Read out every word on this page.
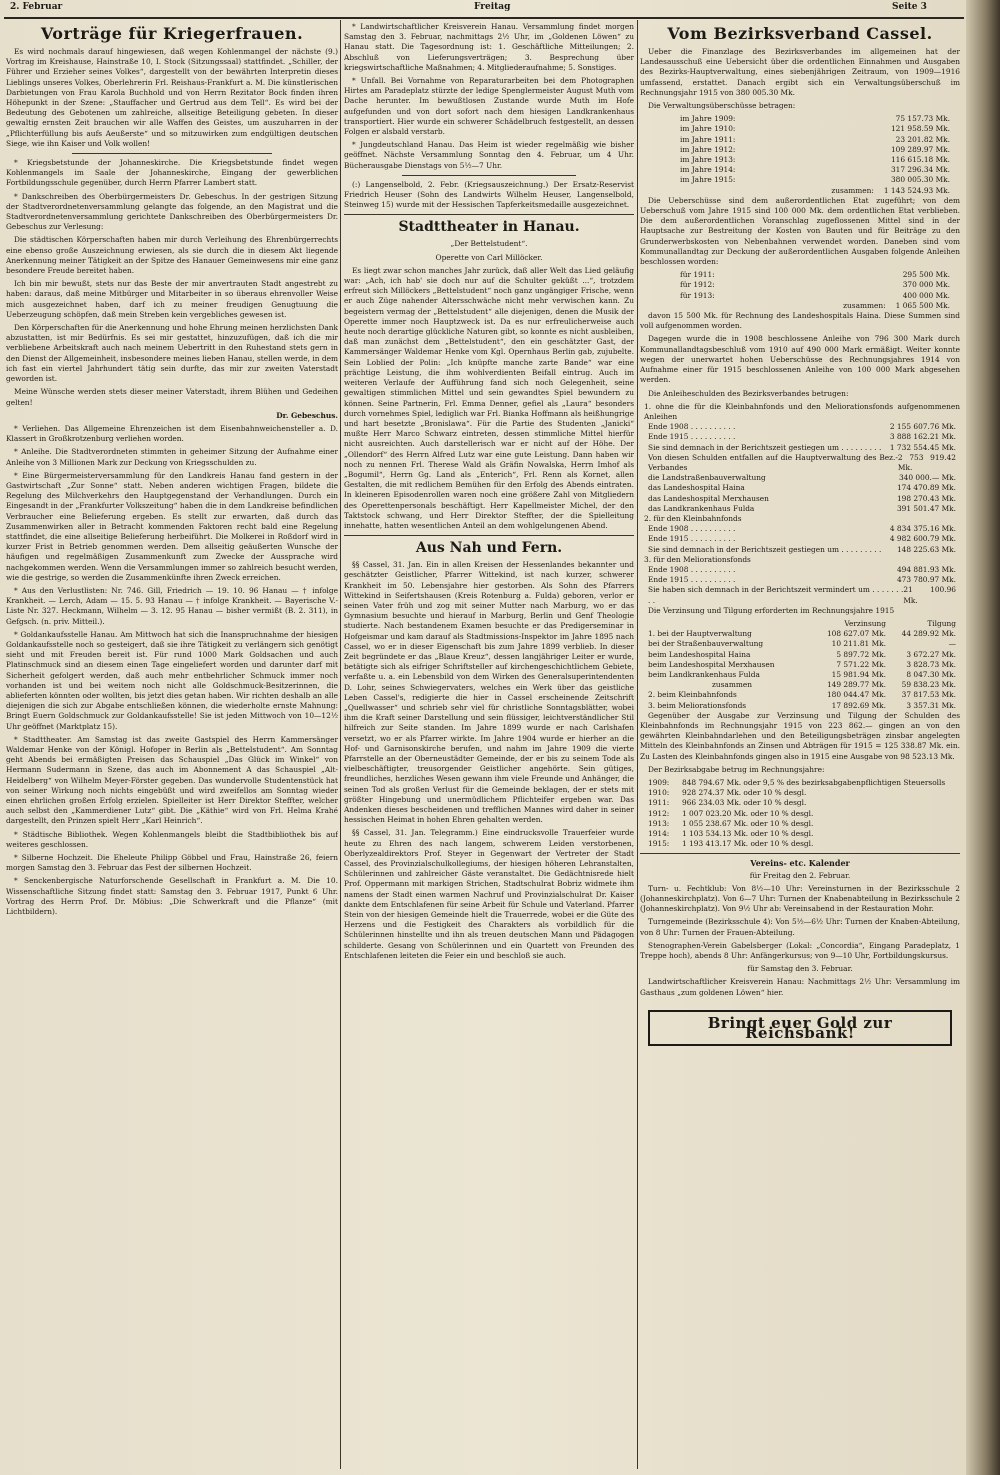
2. Februar	Freitag	Seite 3
Vorträge für Kriegerfrauen.

Es wird nochmals darauf hingewiesen, daß wegen Kohlenmangel der nächste (9.) Vortrag im Kreishause, Hainstraße 10, I. Stock (Sitzungssaal) stattfindet. „Schiller, der Führer und Erzieher seines Volkes“, dargestellt von der bewährten Interpretin dieses Lieblings unseres Volkes, Oberlehrerin Frl. Reishaus-Frankfurt a. M. Die künstlerischen Darbietungen von Frau Karola Buchhold und von Herrn Rezitator Bock finden ihren Höhepunkt in der Szene: „Stauffacher und Gertrud aus dem Tell“. Es wird bei der Bedeutung des Gebotenen um zahlreiche, allseitige Beteiligung gebeten. In dieser gewaltig ernsten Zeit brauchen wir alle Waffen des Geistes, um auszuharren in der „Pflichterfüllung bis aufs Aeußerste“ und so mitzuwirken zum endgültigen deutschen Siege, wie ihn Kaiser und Volk wollen!

* Kriegsbetstunde der Johanneskirche. Die Kriegsbetstunde findet wegen Kohlenmangels im Saale der Johanneskirche, Eingang der gewerblichen Fortbildungsschule gegenüber, durch Herrn Pfarrer Lambert statt.

* Dankschreiben des Oberbürgermeisters Dr. Gebeschus. In der gestrigen Sitzung der Stadtverordnetenversammlung gelangte das folgende, an den Magistrat und die Stadtverordnetenversammlung gerichtete Dankschreiben des Oberbürgermeisters Dr. Gebeschus zur Verlesung:

Die städtischen Körperschaften haben mir durch Verleihung des Ehrenbürgerrechts eine ebenso große Auszeichnung erwiesen, als sie durch die in diesem Akt liegende Anerkennung meiner Tätigkeit an der Spitze des Hanauer Gemeinwesens mir eine ganz besondere Freude bereitet haben.

Ich bin mir bewußt, stets nur das Beste der mir anvertrauten Stadt angestrebt zu haben: daraus, daß meine Mitbürger und Mitarbeiter in so überaus ehrenvoller Weise mich ausgezeichnet haben, darf ich zu meiner freudigen Genugtuung die Ueberzeugung schöpfen, daß mein Streben kein vergebliches gewesen ist.

Den Körperschaften für die Anerkennung und hohe Ehrung meinen herzlichsten Dank abzustatten, ist mir Bedürfnis. Es sei mir gestattet, hinzuzufügen, daß ich die mir verbliebene Arbeitskraft auch nach meinem Uebertritt in den Ruhestand stets gern in den Dienst der Allgemeinheit, insbesondere meines lieben Hanau, stellen werde, in dem ich fast ein viertel Jahrhundert tätig sein durfte, das mir zur zweiten Vaterstadt geworden ist.

Meine Wünsche werden stets dieser meiner Vaterstadt, ihrem Blühen und Gedeihen gelten!

Dr. Gebeschus.

* Verliehen. Das Allgemeine Ehrenzeichen ist dem Eisenbahnweichensteller a. D. Klassert in Großkrotzenburg verliehen worden.

* Anleihe. Die Stadtverordneten stimmten in geheimer Sitzung der Aufnahme einer Anleihe von 3 Millionen Mark zur Deckung von Kriegsschulden zu.

* Eine Bürgermeisterversammlung für den Landkreis Hanau fand gestern in der Gastwirtschaft „Zur Sonne“ statt. Neben anderen wichtigen Fragen, bildete die Regelung des Milchverkehrs den Hauptgegenstand der Verhandlungen. Durch ein Eingesandt in der „Frankfurter Volkszeitung“ haben die in dem Landkreise befindlichen Verbraucher eine Belieferung ergeben. Es stellt zur erwarten, daß durch das Zusammenwirken aller in Betracht kommenden Faktoren recht bald eine Regelung stattfindet, die eine allseitige Belieferung herbeiführt. Die Molkerei in Roßdorf wird in kurzer Frist in Betrieb genommen werden. Dem allseitig geäußerten Wunsche der häufigen und regelmäßigen Zusammenkunft zum Zwecke der Aussprache wird nachgekommen werden. Wenn die Versammlungen immer so zahlreich besucht werden, wie die gestrige, so werden die Zusammenkünfte ihren Zweck erreichen.

* Aus den Verlustlisten: Nr. 746. Gill, Friedrich — 19. 10. 96 Hanau — † infolge Krankheit. — Lerch, Adam — 15. 5. 93 Hanau — † infolge Krankheit. — Bayerische V.-Liste Nr. 327. Heckmann, Wilhelm — 3. 12. 95 Hanau — bisher vermißt (B. 2. 311), in Gefgsch. (n. priv. Mitteil.).

* Goldankaufsstelle Hanau. Am Mittwoch hat sich die Inanspruchnahme der hiesigen Goldankaufsstelle noch so gesteigert, daß sie ihre Tätigkeit zu verlängern sich genötigt sieht und mit Freuden bereit ist. Für rund 1000 Mark Goldsachen und auch Platinschmuck sind an diesem einen Tage eingeliefert worden und darunter darf mit Sicherheit gefolgert werden, daß auch mehr entbehrlicher Schmuck immer noch vorhanden ist und bei weitem noch nicht alle Goldschmuck-Besitzerinnen, die ablieferten könnten oder wollten, bis jetzt dies getan haben. Wir richten deshalb an alle diejenigen die sich zur Abgabe entschließen können, die wiederholte ernste Mahnung: Bringt Euern Goldschmuck zur Goldankaufsstelle! Sie ist jeden Mittwoch von 10—12½ Uhr geöffnet (Marktplatz 15).

* Stadttheater. Am Samstag ist das zweite Gastspiel des Herrn Kammersänger Waldemar Henke von der Königl. Hofoper in Berlin als „Bettelstudent“. Am Sonntag geht Abends bei ermäßigten Preisen das Schauspiel „Das Glück im Winkel“ von Hermann Sudermann in Szene, das auch im Abonnement A das Schauspiel „Alt-Heidelberg“ von Wilhelm Meyer-Förster gegeben. Das wundervolle Studentenstück hat von seiner Wirkung noch nichts eingebüßt und wird zweifellos am Sonntag wieder einen ehrlichen großen Erfolg erzielen. Spielleiter ist Herr Direktor Steffter, welcher auch selbst den „Kammerdiener Lutz“ gibt. Die „Käthie“ wird von Frl. Helma Krahé dargestellt, den Prinzen spielt Herr „Karl Heinrich“.

* Städtische Bibliothek. Wegen Kohlenmangels bleibt die Stadtbibliothek bis auf weiteres geschlossen.

* Silberne Hochzeit. Die Eheleute Philipp Göbbel und Frau, Hainstraße 26, feiern morgen Samstag den 3. Februar das Fest der silbernen Hochzeit.

* Senckenbergische Naturforschende Gesellschaft in Frankfurt a. M. Die 10. Wissenschaftliche Sitzung findet statt: Samstag den 3. Februar 1917, Punkt 6 Uhr. Vortrag des Herrn Prof. Dr. Möbius: „Die Schwerkraft und die Pflanze“ (mit Lichtbildern).

* Landwirtschaftlicher Kreisverein Hanau. Versammlung findet morgen Samstag den 3. Februar, nachmittags 2½ Uhr, im „Goldenen Löwen“ zu Hanau statt. Die Tagesordnung ist: 1. Geschäftliche Mitteilungen; 2. Abschluß von Lieferungsverträgen; 3. Besprechung über kriegswirtschaftliche Maßnahmen; 4. Mitgliederaufnahme; 5. Sonstiges.

* Unfall. Bei Vornahme von Reparaturarbeiten bei dem Photographen Hirtes am Paradeplatz stürzte der ledige Spenglermeister August Muth vom Dache herunter. Im bewußtlosen Zustande wurde Muth im Hofe aufgefunden und von dort sofort nach dem hiesigen Landkrankenhaus transportiert. Hier wurde ein schwerer Schädelbruch festgestellt, an dessen Folgen er alsbald verstarb.

* Jungdeutschland Hanau. Das Heim ist wieder regelmäßig wie bisher geöffnet. Nächste Versammlung Sonntag den 4. Februar, um 4 Uhr. Bücherausgabe Dienstags von 5½—7 Uhr.

(:) Langenselbold, 2. Febr. (Kriegsauszeichnung.) Der Ersatz-Reservist Friedrich Heuser (Sohn des Landwirts Wilhelm Heuser, Langenselbold, Steinweg 15) wurde mit der Hessischen Tapferkeitsmedaille ausgezeichnet.

Stadttheater in Hanau.

„Der Bettelstudent“.

Operette von Carl Millöcker.

Es liegt zwar schon manches Jahr zurück, daß aller Welt das Lied geläufig war: „Ach, ich hab' sie doch nur auf die Schulter geküßt ...“, trotzdem erfreut sich Millöckers „Bettelstudent“ noch ganz ungängiger Frische, wenn er auch Züge nahender Altersschwäche nicht mehr verwischen kann. Zu begeistern vermag der „Bettelstudent“ alle diejenigen, denen die Musik der Operette immer noch Hauptzweck ist. Da es nur erfreulicherweise auch heute noch derartige glückliche Naturen gibt, so konnte es nicht ausbleiben, daß man zunächst dem „Bettelstudent“, den ein geschätzter Gast, der Kammersänger Waldemar Henke vom Kgl. Opernhaus Berlin gab, zujubelte. Sein Loblied der Polin: „Ich knüpfte manche zarte Bande“ war eine prächtige Leistung, die ihm wohlverdienten Beifall eintrug. Auch im weiteren Verlaufe der Aufführung fand sich noch Gelegenheit, seine gewaltigen stimmlichen Mittel und sein gewandtes Spiel bewundern zu können. Seine Partnerin, Frl. Emma Denner, gefiel als „Laura“ besonders durch vornehmes Spiel, lediglich war Frl. Bianka Hoffmann als heißhungrige und hart besetzte „Bronislawa“. Für die Partie des Studenten „Janicki“ mußte Herr Marco Schwarz eintreten, dessen stimmliche Mittel hierfür nicht ausreichten. Auch darstellerisch war er nicht auf der Höhe. Der „Ollendorf“ des Herrn Alfred Lutz war eine gute Leistung. Dann haben wir noch zu nennen Frl. Therese Wald als Gräfin Nowalska, Herrn Imhof als „Bogumil“, Herrn Gg. Land als „Enterich“, Frl. Renn als Kornet, allen Gestalten, die mit redlichem Bemühen für den Erfolg des Abends eintraten. In kleineren Episodenrollen waren noch eine größere Zahl von Mitgliedern des Operettenpersonals beschäftigt. Herr Kapellmeister Michel, der den Taktstock schwang, und Herr Direktor Steffter, der die Spielleitung innehatte, hatten wesentlichen Anteil an dem wohlgelungenen Abend.

Aus Nah und Fern.

§§ Cassel, 31. Jan. Ein in allen Kreisen der Hessenlandes bekannter und geschätzter Geistlicher, Pfarrer Wittekind, ist nach kurzer, schwerer Krankheit im 50. Lebensjahre hier gestorben. Als Sohn des Pfarrers Wittekind in Seifertshausen (Kreis Rotenburg a. Fulda) geboren, verlor er seinen Vater früh und zog mit seiner Mutter nach Marburg, wo er das Gymnasium besuchte und hierauf in Marburg, Berlin und Genf Theologie studierte. Nach bestandenem Examen besuchte er das Predigerseminar in Hofgeismar und kam darauf als Stadtmissions-Inspektor im Jahre 1895 nach Cassel, wo er in dieser Eigenschaft bis zum Jahre 1899 verblieb. In dieser Zeit begründete er das „Blaue Kreuz“, dessen langjähriger Leiter er wurde, betätigte sich als eifriger Schriftsteller auf kirchengeschichtlichem Gebiete, verfaßte u. a. ein Lebensbild von dem Wirken des Generalsuperintendenten D. Lohr, seines Schwiegervaters, welches ein Werk über das geistliche Leben Cassel's, redigierte die hier in Cassel erscheinende Zeitschrift „Quellwasser“ und schrieb sehr viel für christliche Sonntagsblätter, wobei ihm die Kraft seiner Darstellung und sein flüssiger, leichtverständlicher Stil hilfreich zur Seite standen. Im Jahre 1899 wurde er nach Carlshafen versetzt, wo er als Pfarrer wirkte. Im Jahre 1904 wurde er hierher an die Hof- und Garnisonskirche berufen, und nahm im Jahre 1909 die vierte Pfarrstelle an der Oberneustädter Gemeinde, der er bis zu seinem Tode als vielbeschäftigter, treusorgender Geistlicher angehörte. Sein gütiges, freundliches, herzliches Wesen gewann ihm viele Freunde und Anhänger, die seinen Tod als großen Verlust für die Gemeinde beklagen, der er stets mit größter Hingebung und unermüdlichem Pflichteifer ergeben war. Das Andenken dieses bescheidenen und trefflichen Mannes wird daher in seiner hessischen Heimat in hohen Ehren gehalten werden.

§§ Cassel, 31. Jan. Telegramm.) Eine eindrucksvolle Trauerfeier wurde heute zu Ehren des nach langem, schwerem Leiden verstorbenen, Oberlyzealdirektors Prof. Steyer in Gegenwart der Vertreter der Stadt Cassel, des Provinzialschulkollegiums, der hiesigen höheren Lehranstalten, Schülerinnen und zahlreicher Gäste veranstaltet. Die Gedächtnisrede hielt Prof. Oppermann mit markigen Strichen, Stadtschulrat Bobriz widmete ihm namens der Stadt einen warmen Nachruf und Provinzialschulrat Dr. Kaiser dankte dem Entschlafenen für seine Arbeit für Schule und Vaterland. Pfarrer Stein von der hiesigen Gemeinde hielt die Trauerrede, wobei er die Güte des Herzens und die Festigkeit des Charakters als vorbildlich für die Schülerinnen hinstellte und ihn als treuen deutschen Mann und Pädagogen schilderte. Gesang von Schülerinnen und ein Quartett von Freunden des Entschlafenen leiteten die Feier ein und beschloß sie auch.

Vom Bezirksverband Cassel.

Ueber die Finanzlage des Bezirksverbandes im allgemeinen hat der Landesausschuß eine Uebersicht über die ordentlichen Einnahmen und Ausgaben des Bezirks-Hauptverwaltung, eines siebenjährigen Zeitraum, von 1909—1916 umfassend, erstattet. Danach ergibt sich ein Verwaltungsüberschuß im Rechnungsjahr 1915 von 380 005.30 Mk.

Die Verwaltungsüberschüsse betragen:

im Jahre 1909:	75 157.73 Mk.
im Jahre 1910:	121 958.59 Mk.
im Jahre 1911:	23 201.82 Mk.
im Jahre 1912:	109 289.97 Mk.
im Jahre 1913:	116 615.18 Mk.
im Jahre 1914:	317 296.34 Mk.
im Jahre 1915:	380 005.30 Mk.
zusammen: 1 143 524.93 Mk.

Die Ueberschüsse sind dem außerordentlichen Etat zugeführt; von dem Ueberschuß vom Jahre 1915 sind 100 000 Mk. dem ordentlichen Etat verblieben. Die dem außerordentlichen Voranschlag zugeflossenen Mittel sind in der Hauptsache zur Bestreitung der Kosten von Bauten und für Beiträge zu den Grunderwerbskosten von Nebenbahnen verwendet worden. Daneben sind vom Kommunallandtag zur Deckung der außerordentlichen Ausgaben folgende Anleihen beschlossen worden:

für 1911:	295 500 Mk.
für 1912:	370 000 Mk.
für 1913:	400 000 Mk.
zusammen: 1 065 500 Mk.

davon 15 500 Mk. für Rechnung des Landeshospitals Haina. Diese Summen sind voll aufgenommen worden.

Dagegen wurde die in 1908 beschlossene Anleihe von 796 300 Mark durch Kommunallandtagsbeschluß vom 1910 auf 490 000 Mark ermäßigt. Weiter konnte wegen der unerwartet hohen Ueberschüsse des Rechnungsjahres 1914 von Aufnahme einer für 1915 beschlossenen Anleihe von 100 000 Mark abgesehen werden.

Die Anleiheschulden des Bezirksverbandes betrugen:

1. ohne die für die Kleinbahnfonds und den Meliorationsfonds aufgenommenen Anleihen
Ende 1908 . . . . . . . . . .	2 155 607.76 Mk.
Ende 1915 . . . . . . . . . .	3 888 162.21 Mk.
Sie sind demnach in der Berichtszeit gestiegen um . . . . . . . . . 1 732 554.45 Mk.
Von diesen Schulden entfallen auf die Hauptverwaltung des Bez.-Verbandes
2 753 919.42 Mk.
die Landstraßenbauverwaltung	340 000.— Mk.
das Landeshospital Haina	174 470.89 Mk.
das Landeshospital Merxhausen	198 270.43 Mk.
das Landkrankenhaus Fulda	391 501.47 Mk.
2. für den Kleinbahnfonds
Ende 1908 . . . . . . . . . .	4 834 375.16 Mk.
Ende 1915 . . . . . . . . . .	4 982 600.79 Mk.
Sie sind demnach in der Berichtszeit gestiegen um . . . . . . . . . 148 225.63 Mk.
3. für den Meliorationsfonds
Ende 1908 . . . . . . . . . .	494 881.93 Mk.
Ende 1915 . . . . . . . . . .	473 780.97 Mk.
Sie haben sich demnach in der Berichtszeit vermindert um . . . . . . . . .
21 100.96 Mk.

Die Verzinsung und Tilgung erforderten im Rechnungsjahre 1915

Verzinsung	Tilgung
1. bei der Hauptverwaltung	108 627.07 Mk.	44 289.92 Mk.
bei der Straßenbauverwaltung	10 211.81 Mk.	—
beim Landeshospital Haina	5 897.72 Mk.	3 672.27 Mk.
beim Landeshospital Merxhausen	7 571.22 Mk.	3 828.73 Mk.
beim Landkrankenhaus Fulda	15 981.94 Mk.	8 047.30 Mk.
zusammen	149 289.77 Mk.	59 838.23 Mk.
2. beim Kleinbahnfonds	180 044.47 Mk.	37 817.53 Mk.
3. beim Meliorationsfonds	17 892.69 Mk.	3 357.31 Mk.

Gegenüber der Ausgabe zur Verzinsung und Tilgung der Schulden des Kleinbahnfonds im Rechnungsjahr 1915 von 223 862.— gingen an von den gewährten Kleinbahndarlehen und den Beteiligungsbeträgen zinsbar angelegten Mitteln des Kleinbahnfonds an Zinsen und Abträgen für 1915 = 125 338.87 Mk. ein. Zu Lasten des Kleinbahnfonds gingen also in 1915 eine Ausgabe von 98 523.13 Mk.

Der Bezirksabgabe betrug im Rechnungsjahre:

1909:	848 794.67 Mk. oder 9,5 % des bezirksabgabenpflichtigen Steuersolls
1910:	928 274.37 Mk. oder 10 % desgl.
1911:	966 234.03 Mk. oder 10 % desgl.
1912:	1 007 023.20 Mk. oder 10 % desgl.
1913:	1 055 238.67 Mk. oder 10 % desgl.
1914:	1 103 534.13 Mk. oder 10 % desgl.
1915:	1 193 413.17 Mk. oder 10 % desgl.
Vereins- etc. Kalender

für Freitag den 2. Februar.

Turn- u. Fechtklub: Von 8½—10 Uhr: Vereinsturnen in der Bezirksschule 2 (Johanneskirchplatz). Von 6—7 Uhr: Turnen der Knabenabteilung in Bezirksschule 2 (Johanneskirchplatz). Von 9½ Uhr ab: Vereinsabend in der Restauration Mohr.

Turngemeinde (Bezirksschule 4): Von 5½—6½ Uhr: Turnen der Knaben-Abteilung, von 8 Uhr: Turnen der Frauen-Abteilung.

Stenographen-Verein Gabelsberger (Lokal: „Concordia“, Eingang Paradeplatz, 1 Treppe hoch), abends 8 Uhr: Anfängerkursus; von 9—10 Uhr, Fortbildungskursus.

für Samstag den 3. Februar.

Landwirtschaftlicher Kreisverein Hanau: Nachmittags 2½ Uhr: Versammlung im Gasthaus „zum goldenen Löwen“ hier.

Bringt euer Gold zur Reichsbank!
